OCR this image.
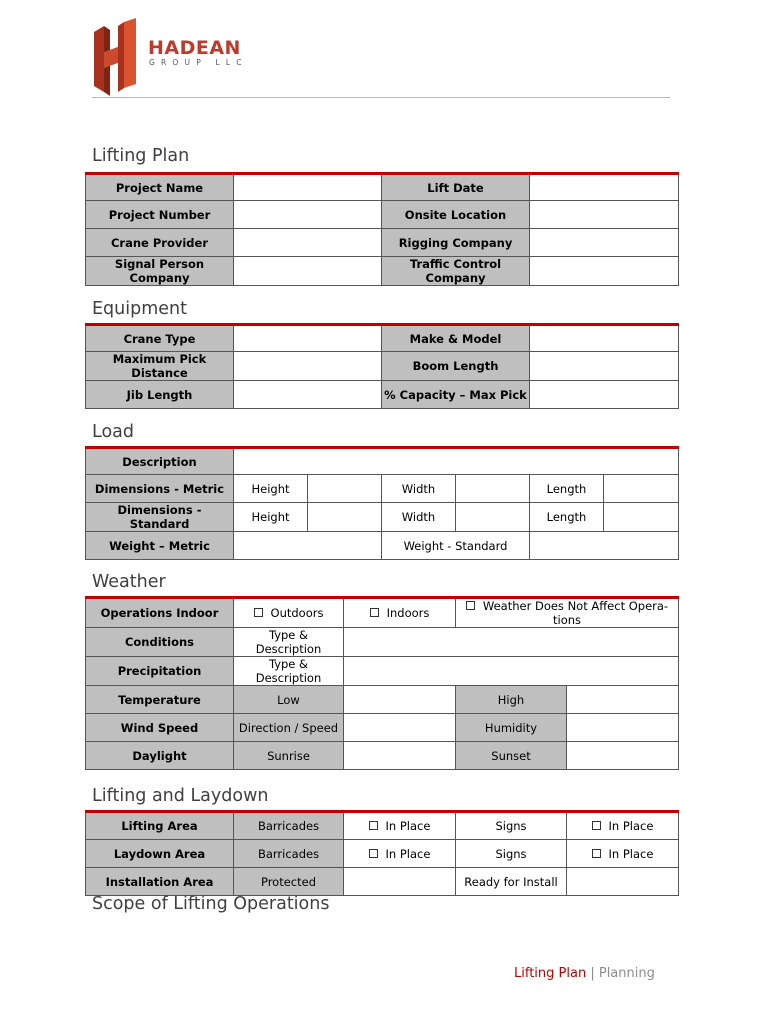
HADEAN
GROUP LLC
Lifting Plan
Project Name		Lift Date	
Project Number		Onsite Location	
Crane Provider		Rigging Company	
Signal Person Company		Traffic Control Company	
Equipment
Crane Type		Make & Model	
Maximum Pick Distance		Boom Length	
Jib Length		% Capacity – Max Pick	
Load
Description						
Dimensions - Metric	Height		Width		Length	
Dimensions - Standard	Height		Width		Length	
Weight – Metric			Weight - Standard			
Weather
Operations Indoor	Outdoors	Indoors	Weather Does Not Affect Opera- tions	
Conditions	Type & Description			
Precipitation	Type & Description			
Temperature	Low		High	
Wind Speed	Direction / Speed		Humidity	
Daylight	Sunrise		Sunset	
Lifting and Laydown
Lifting Area	Barricades	In Place	Signs	In Place
Laydown Area	Barricades	In Place	Signs	In Place
Installation Area	Protected		Ready for Install	
Scope of Lifting Operations
Lifting Plan | Planning
